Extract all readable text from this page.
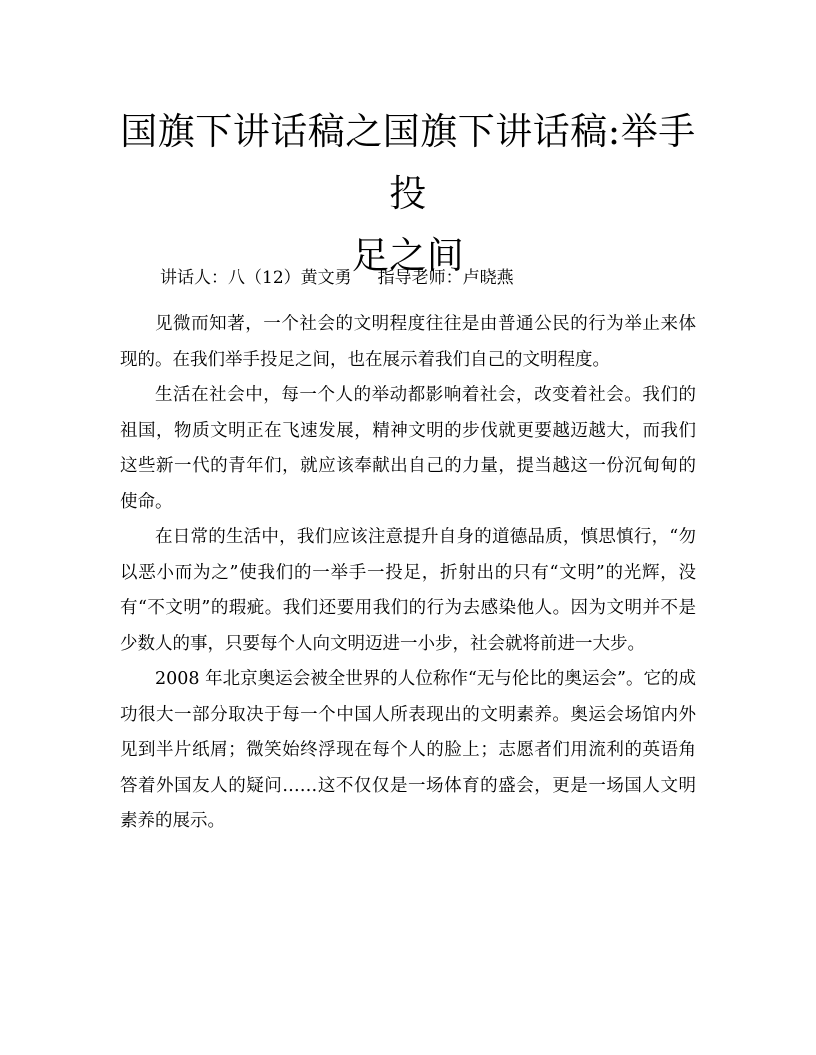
国旗下讲话稿之国旗下讲话稿:举手投
足之间
讲话人：八（12）黄文勇 指导老师：卢晓燕

见微而知著，一个社会的文明程度往往是由普通公民的行为举止来体现的。在我们举手投足之间，也在展示着我们自己的文明程度。

生活在社会中，每一个人的举动都影响着社会，改变着社会。我们的祖国，物质文明正在飞速发展，精神文明的步伐就更要越迈越大，而我们这些新一代的青年们，就应该奉献出自己的力量，提当越这一份沉甸甸的使命。

在日常的生活中，我们应该注意提升自身的道德品质，慎思慎行，“勿以恶小而为之”使我们的一举手一投足，折射出的只有“文明”的光辉，没有“不文明”的瑕疵。我们还要用我们的行为去感染他人。因为文明并不是少数人的事，只要每个人向文明迈进一小步，社会就将前进一大步。

2008 年北京奥运会被全世界的人位称作“无与伦比的奥运会”。它的成功很大一部分取决于每一个中国人所表现出的文明素养。奥运会场馆内外见到半片纸屑；微笑始终浮现在每个人的脸上；志愿者们用流利的英语角答着外国友人的疑问……这不仅仅是一场体育的盛会，更是一场国人文明素养的展示。
